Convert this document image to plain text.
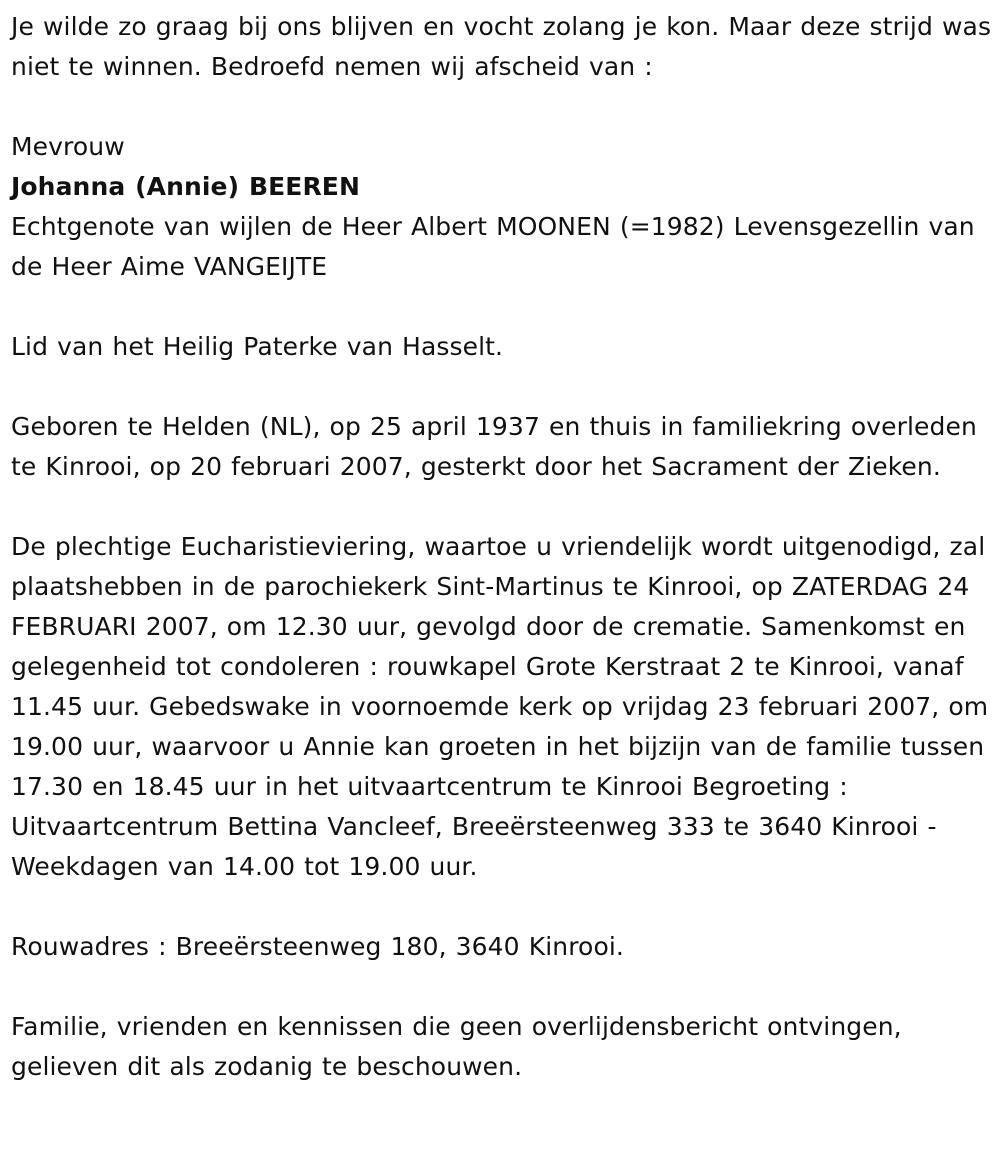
Je wilde zo graag bij ons blijven en vocht zolang je kon. Maar deze strijd was niet te winnen. Bedroefd nemen wij afscheid van :

Mevrouw

Johanna (Annie) BEEREN

Echtgenote van wijlen de Heer Albert MOONEN (=1982) Levensgezellin van de Heer Aime VANGEIJTE

Lid van het Heilig Paterke van Hasselt.

Geboren te Helden (NL), op 25 april 1937 en thuis in familiekring overleden te Kinrooi, op 20 februari 2007, gesterkt door het Sacrament der Zieken.

De plechtige Eucharistieviering, waartoe u vriendelijk wordt uitgenodigd, zal plaatshebben in de parochiekerk Sint-Martinus te Kinrooi, op ZATERDAG 24 FEBRUARI 2007, om 12.30 uur, gevolgd door de crematie. Samenkomst en gelegenheid tot condoleren : rouwkapel Grote Kerstraat 2 te Kinrooi, vanaf 11.45 uur. Gebedswake in voornoemde kerk op vrijdag 23 februari 2007, om 19.00 uur, waarvoor u Annie kan groeten in het bijzijn van de familie tussen 17.30 en 18.45 uur in het uitvaartcentrum te Kinrooi Begroeting : Uitvaartcentrum Bettina Vancleef, Breeërsteenweg 333 te 3640 Kinrooi - Weekdagen van 14.00 tot 19.00 uur.

Rouwadres : Breeërsteenweg 180, 3640 Kinrooi.

Familie, vrienden en kennissen die geen overlijdensbericht ontvingen, gelieven dit als zodanig te beschouwen.
